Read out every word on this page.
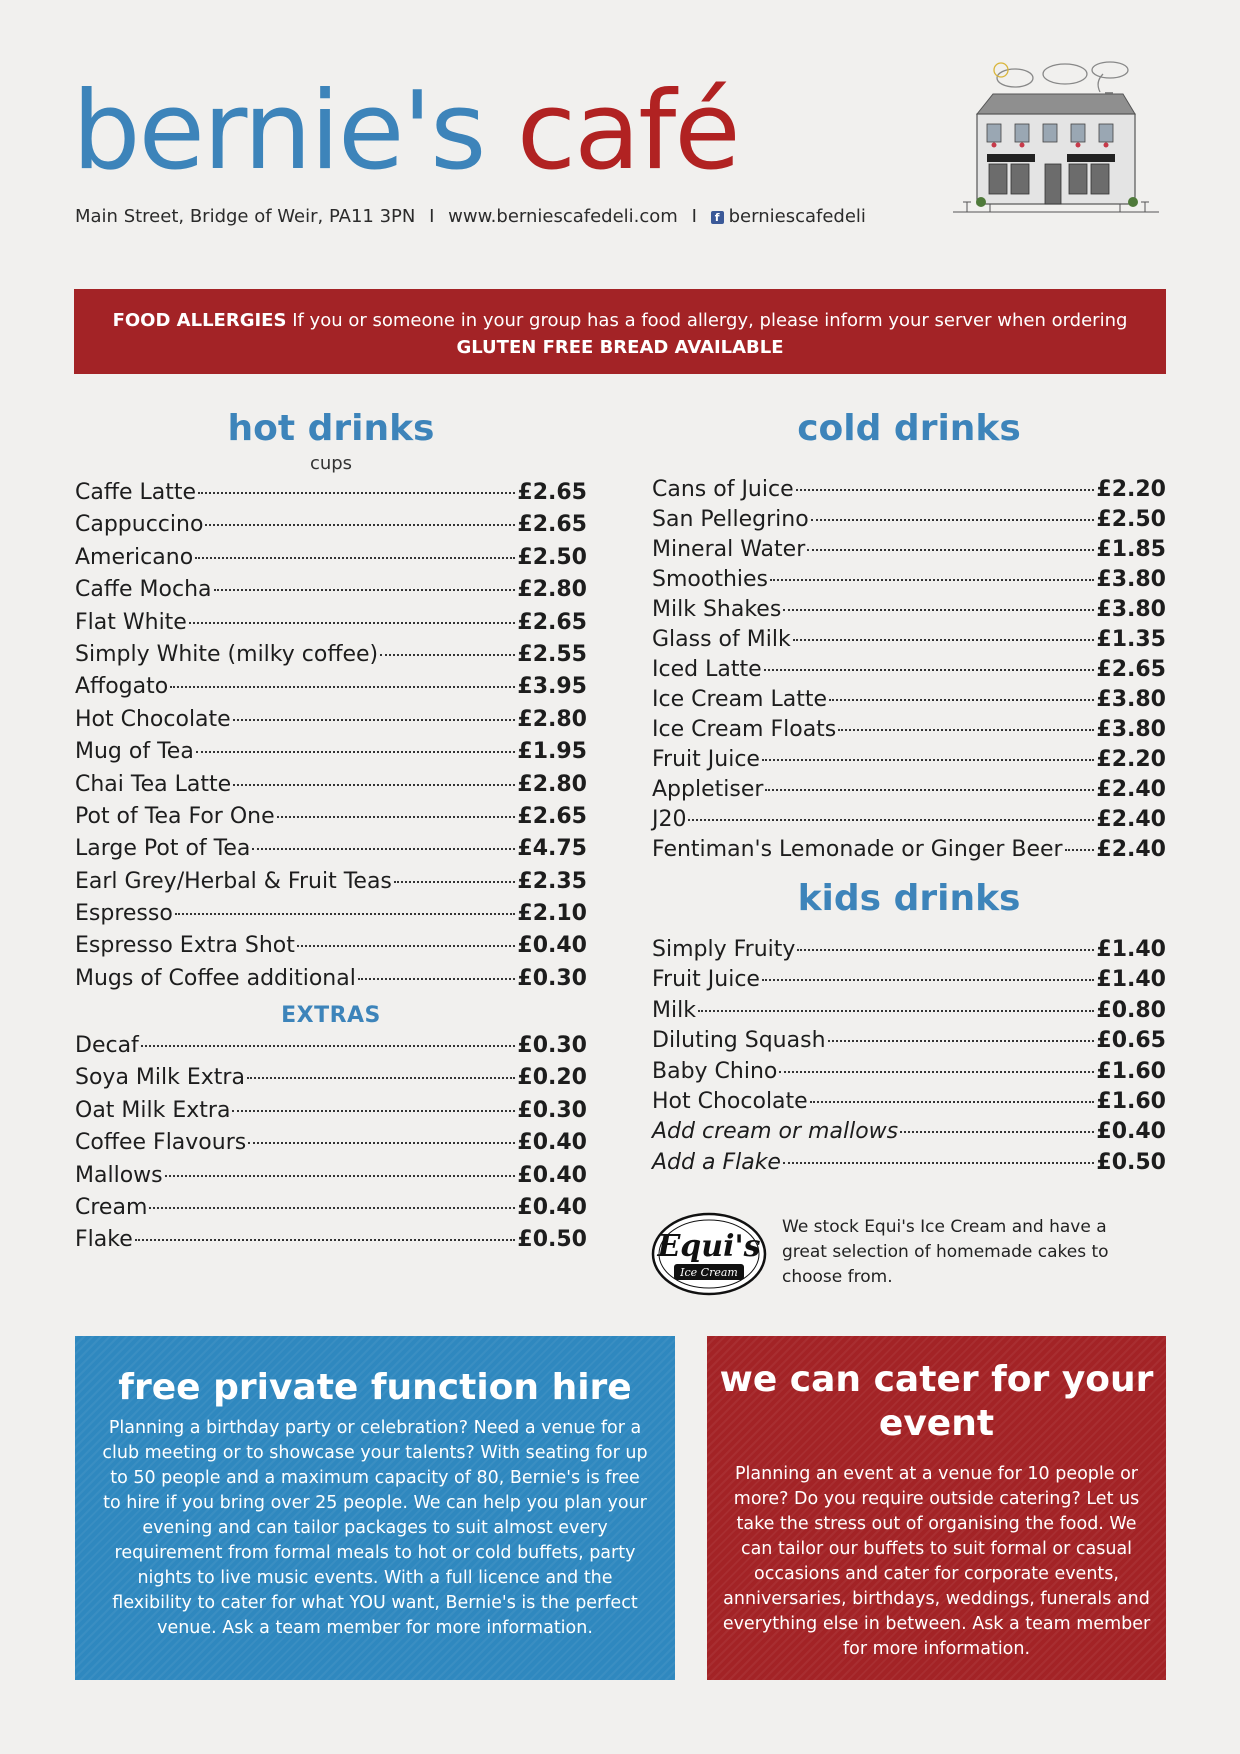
bernie's café
Main Street, Bridge of Weir, PA11 3PN I www.berniescafedeli.com I f berniescafedeli
FOOD ALLERGIES If you or someone in your group has a food allergy, please inform your server when ordering
GLUTEN FREE BREAD AVAILABLE
hot drinks
cups
Caffe Latte	£2.65
Cappuccino	£2.65
Americano	£2.50
Caffe Mocha	£2.80
Flat White	£2.65
Simply White (milky coffee)	£2.55
Affogato	£3.95
Hot Chocolate	£2.80
Mug of Tea	£1.95
Chai Tea Latte	£2.80
Pot of Tea For One	£2.65
Large Pot of Tea	£4.75
Earl Grey/Herbal & Fruit Teas	£2.35
Espresso	£2.10
Espresso Extra Shot	£0.40
Mugs of Coffee additional	£0.30
EXTRAS
Decaf	£0.30
Soya Milk Extra	£0.20
Oat Milk Extra	£0.30
Coffee Flavours	£0.40
Mallows	£0.40
Cream	£0.40
Flake	£0.50
cold drinks
Cans of Juice	£2.20
San Pellegrino	£2.50
Mineral Water	£1.85
Smoothies	£3.80
Milk Shakes	£3.80
Glass of Milk	£1.35
Iced Latte	£2.65
Ice Cream Latte	£3.80
Ice Cream Floats	£3.80
Fruit Juice	£2.20
Appletiser	£2.40
J20	£2.40
Fentiman's Lemonade or Ginger Beer £2.40
kids drinks
Simply Fruity	£1.40
Fruit Juice	£1.40
Milk	£0.80
Diluting Squash	£0.65
Baby Chino	£1.60
Hot Chocolate	£1.60
Add cream or mallows	£0.40
Add a Flake	£0.50
Equi's
Ice Cream
We stock Equi's Ice Cream and have a great selection of homemade cakes to choose from.
free private function hire
Planning a birthday party or celebration? Need a venue for a club meeting or to showcase your talents? With seating for up to 50 people and a maximum capacity of 80, Bernie's is free to hire if you bring over 25 people. We can help you plan your evening and can tailor packages to suit almost every requirement from formal meals to hot or cold buffets, party nights to live music events. With a full licence and the flexibility to cater for what YOU want, Bernie's is the perfect venue. Ask a team member for more information.
we can cater for your event
Planning an event at a venue for 10 people or more? Do you require outside catering? Let us take the stress out of organising the food. We can tailor our buffets to suit formal or casual occasions and cater for corporate events, anniversaries, birthdays, weddings, funerals and everything else in between. Ask a team member for more information.
